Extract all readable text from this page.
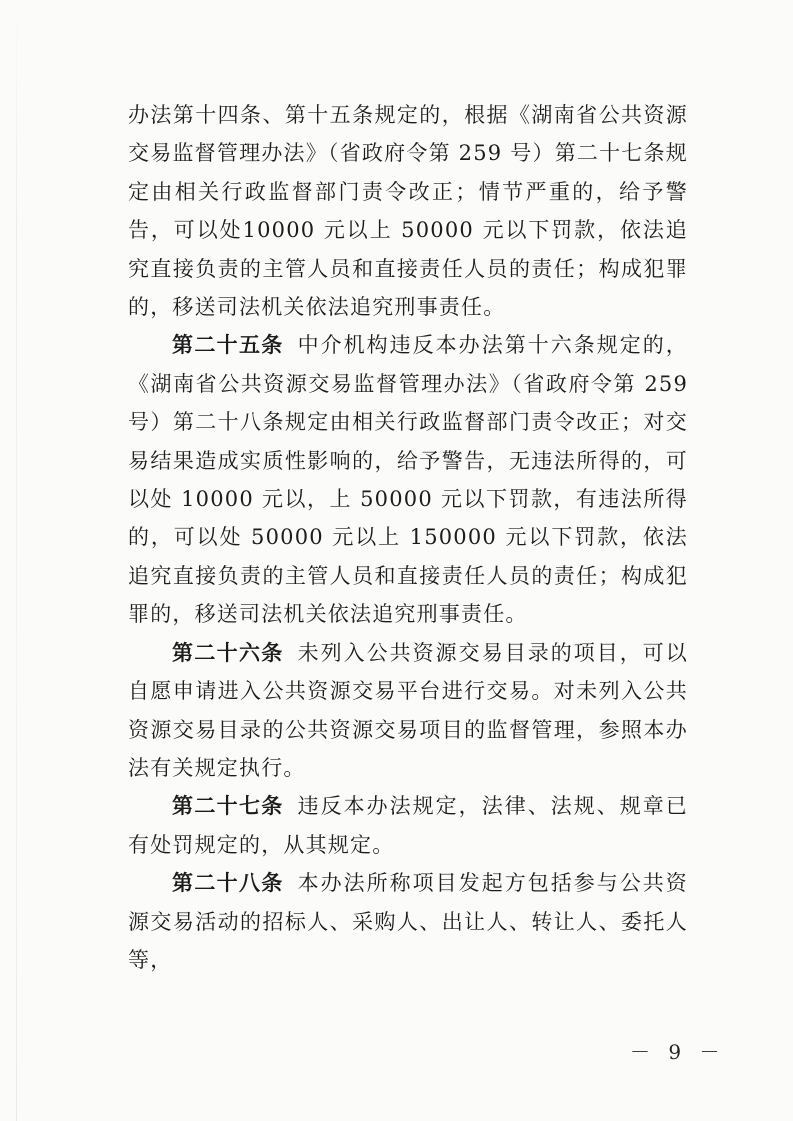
办法第十四条、第十五条规定的，根据《湖南省公共资源交易监督管理办法》（省政府令第 259 号）第二十七条规定由相关行政监督部门责令改正；情节严重的，给予警告，可以处10000 元以上 50000 元以下罚款，依法追究直接负责的主管人员和直接责任人员的责任；构成犯罪的，移送司法机关依法追究刑事责任。

第二十五条 中介机构违反本办法第十六条规定的，《湖南省公共资源交易监督管理办法》（省政府令第 259 号）第二十八条规定由相关行政监督部门责令改正；对交易结果造成实质性影响的，给予警告，无违法所得的，可以处 10000 元以，上 50000 元以下罚款，有违法所得的，可以处 50000 元以上 150000 元以下罚款，依法追究直接负责的主管人员和直接责任人员的责任；构成犯罪的，移送司法机关依法追究刑事责任。

第二十六条 未列入公共资源交易目录的项目，可以自愿申请进入公共资源交易平台进行交易。对未列入公共资源交易目录的公共资源交易项目的监督管理，参照本办法有关规定执行。

第二十七条 违反本办法规定，法律、法规、规章已有处罚规定的，从其规定。

第二十八条 本办法所称项目发起方包括参与公共资源交易活动的招标人、采购人、出让人、转让人、委托人等，

－ 9 －
